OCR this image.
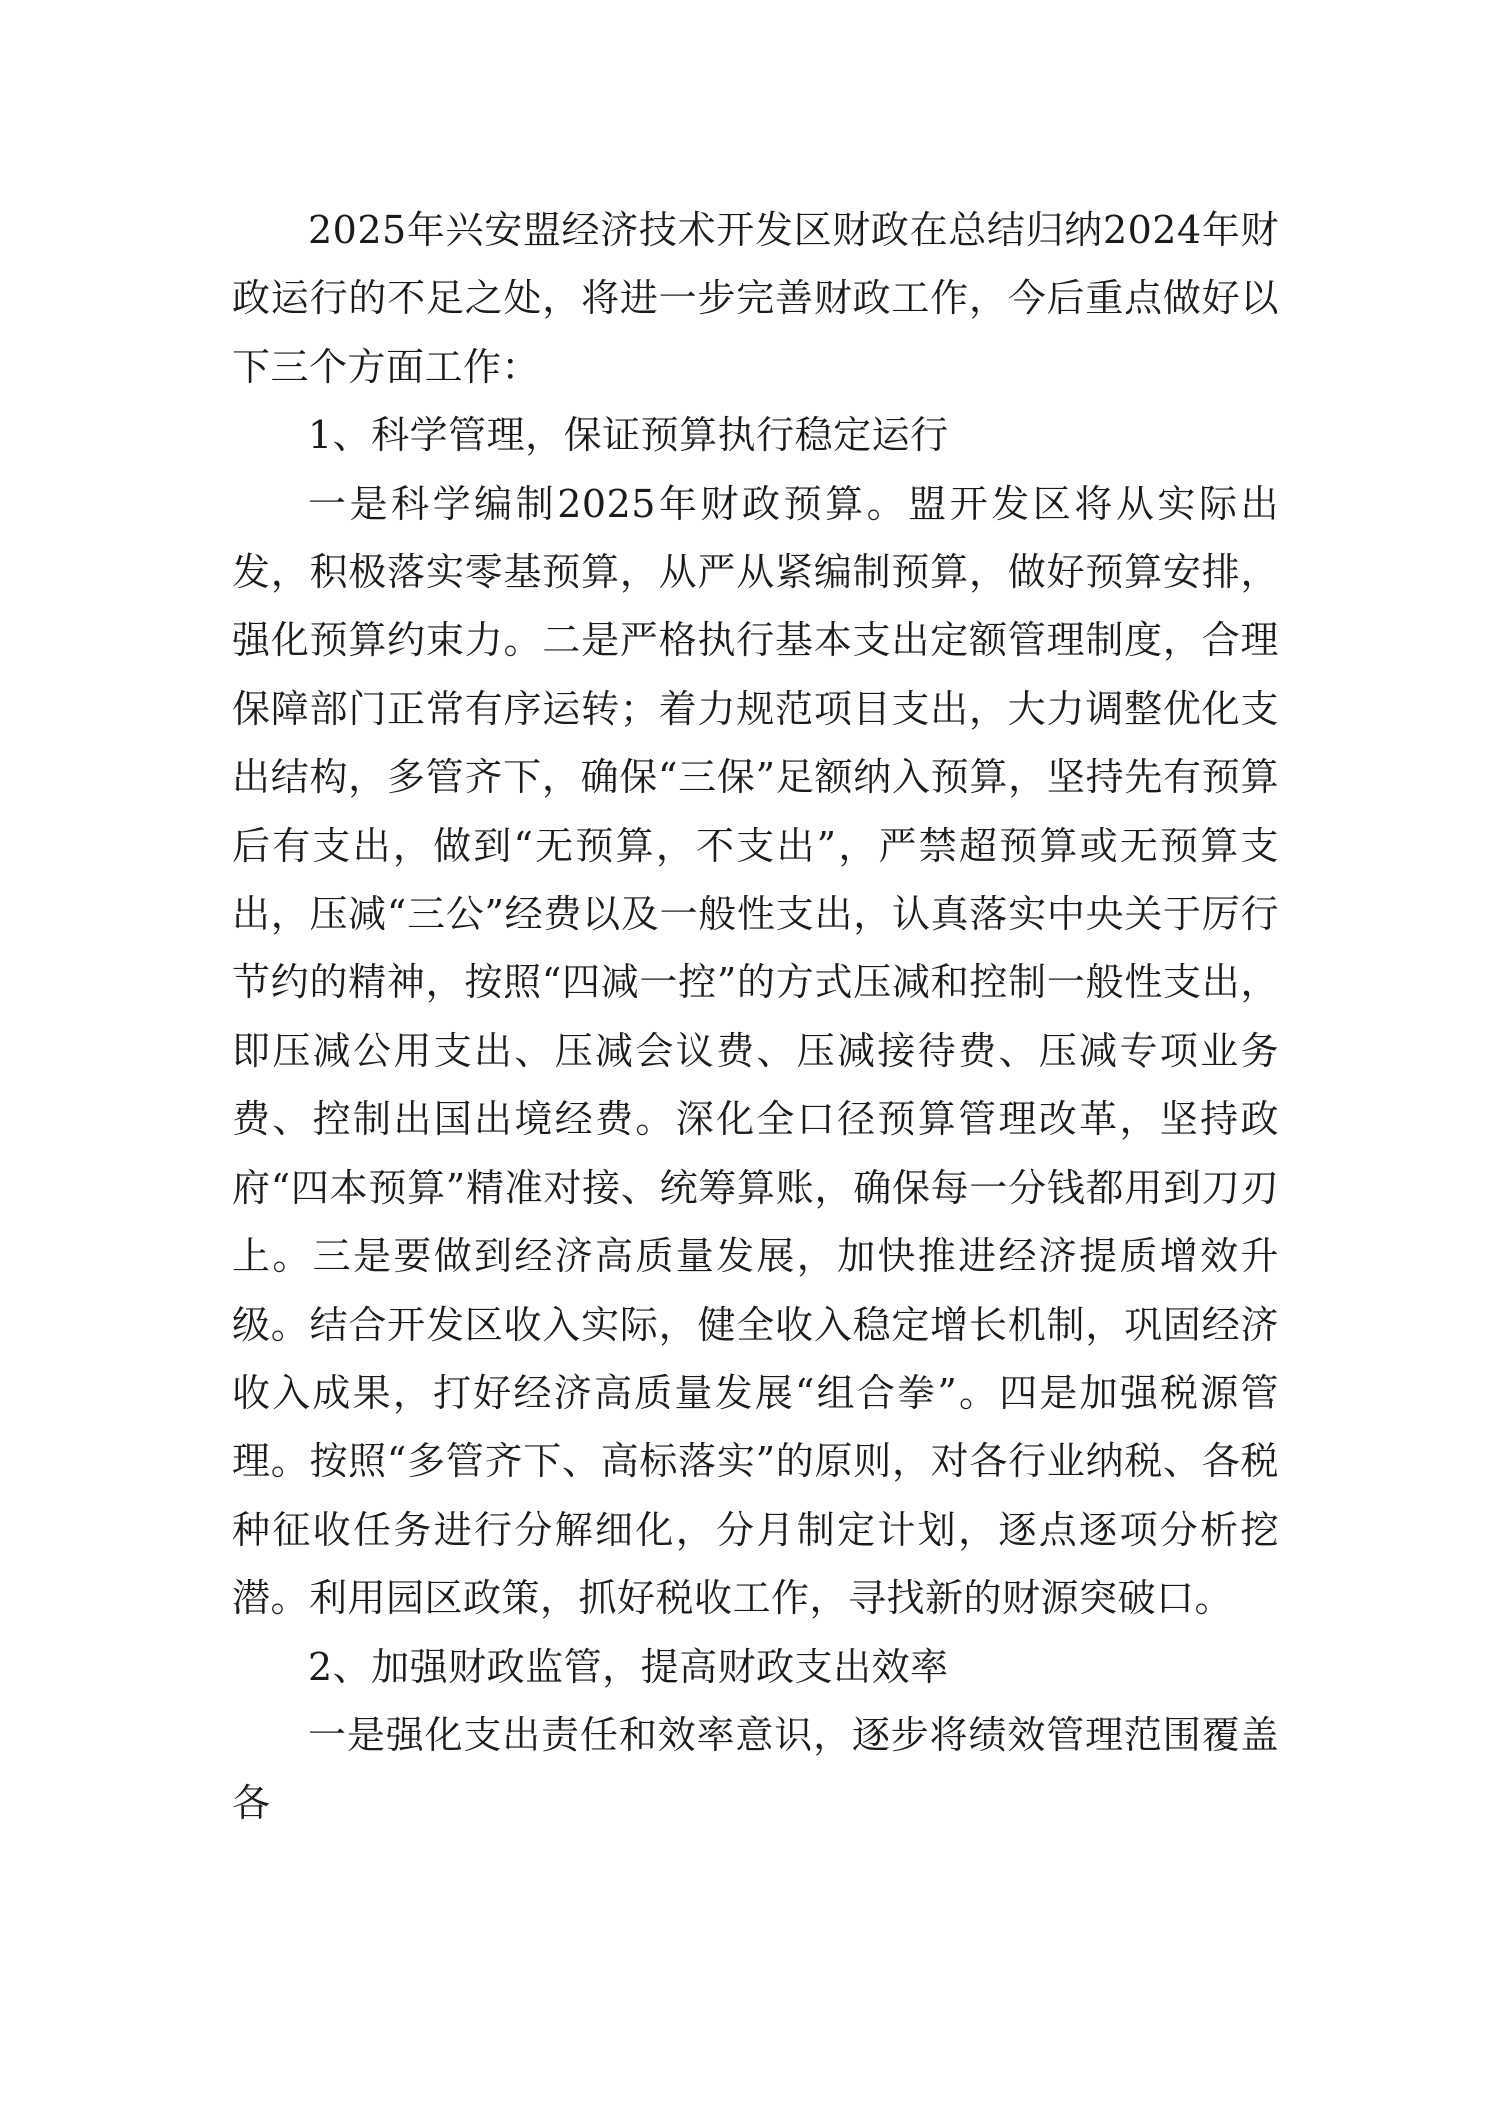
2025年兴安盟经济技术开发区财政在总结归纳2024年财政运行的不足之处，将进一步完善财政工作，今后重点做好以下三个方面工作：

1、科学管理，保证预算执行稳定运行

一是科学编制2025年财政预算。盟开发区将从实际出发，积极落实零基预算，从严从紧编制预算，做好预算安排，强化预算约束力。二是严格执行基本支出定额管理制度，合理保障部门正常有序运转；着力规范项目支出，大力调整优化支出结构，多管齐下，确保“三保”足额纳入预算，坚持先有预算后有支出，做到“无预算，不支出”，严禁超预算或无预算支出，压减“三公”经费以及一般性支出，认真落实中央关于厉行节约的精神，按照“四减一控”的方式压减和控制一般性支出，即压减公用支出、压减会议费、压减接待费、压减专项业务费、控制出国出境经费。深化全口径预算管理改革，坚持政府“四本预算”精准对接、统筹算账，确保每一分钱都用到刀刃上。三是要做到经济高质量发展，加快推进经济提质增效升级。结合开发区收入实际，健全收入稳定增长机制，巩固经济收入成果，打好经济高质量发展“组合拳”。四是加强税源管理。按照“多管齐下、高标落实”的原则，对各行业纳税、各税种征收任务进行分解细化，分月制定计划，逐点逐项分析挖潜。利用园区政策，抓好税收工作，寻找新的财源突破口。

2、加强财政监管，提高财政支出效率

一是强化支出责任和效率意识，逐步将绩效管理范围覆盖各
